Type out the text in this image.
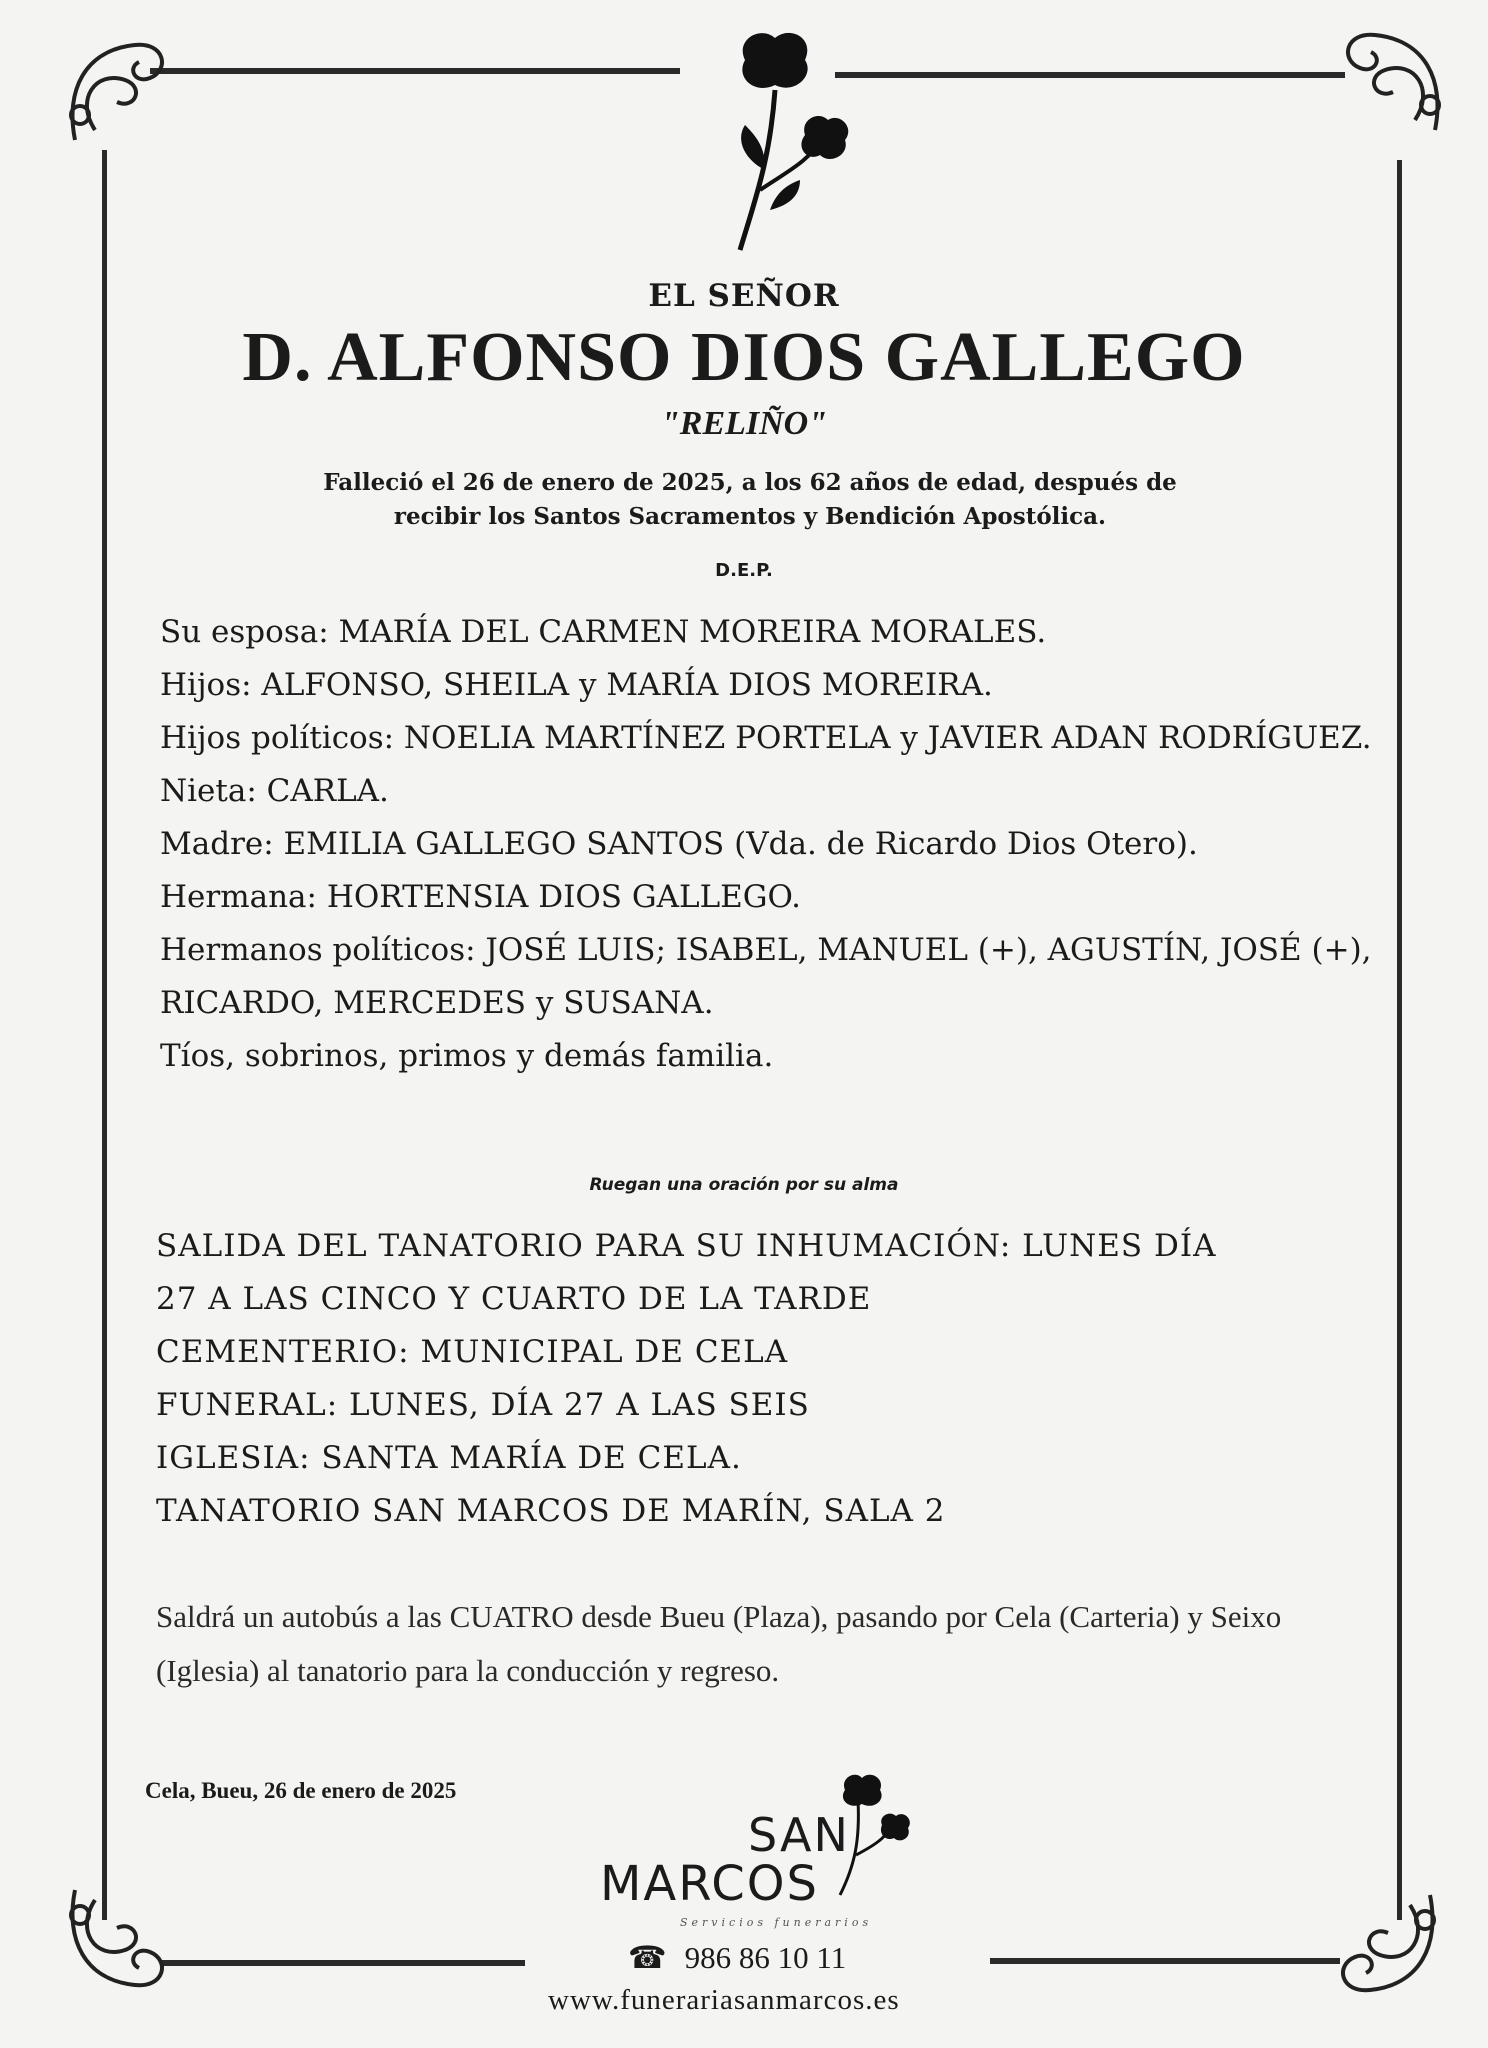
EL SEÑOR
D. ALFONSO DIOS GALLEGO
"RELIÑO"
Falleció el 26 de enero de 2025, a los 62 años de edad, después de recibir los Santos Sacramentos y Bendición Apostólica.
D.E.P.
Su esposa: MARÍA DEL CARMEN MOREIRA MORALES.
Hijos: ALFONSO, SHEILA y MARÍA DIOS MOREIRA.
Hijos políticos: NOELIA MARTÍNEZ PORTELA y JAVIER ADAN RODRÍGUEZ.
Nieta: CARLA.
Madre: EMILIA GALLEGO SANTOS (Vda. de Ricardo Dios Otero).
Hermana: HORTENSIA DIOS GALLEGO.
Hermanos políticos: JOSÉ LUIS; ISABEL, MANUEL (+), AGUSTÍN, JOSÉ (+), RICARDO, MERCEDES y SUSANA.
Tíos, sobrinos, primos y demás familia.
Ruegan una oración por su alma
SALIDA DEL TANATORIO PARA SU INHUMACIÓN: LUNES DÍA
27 A LAS CINCO Y CUARTO DE LA TARDE
CEMENTERIO: MUNICIPAL DE CELA
FUNERAL: LUNES, DÍA 27 A LAS SEIS
IGLESIA: SANTA MARÍA DE CELA.
TANATORIO SAN MARCOS DE MARÍN, SALA 2
Saldrá un autobús a las CUATRO desde Bueu (Plaza), pasando por Cela (Carteria) y Seixo (Iglesia) al tanatorio para la conducción y regreso.
Cela, Bueu, 26 de enero de 2025
SAN
MARCOS
Servicios funerarios
☎ 986 86 10 11
www.funerariasanmarcos.es
